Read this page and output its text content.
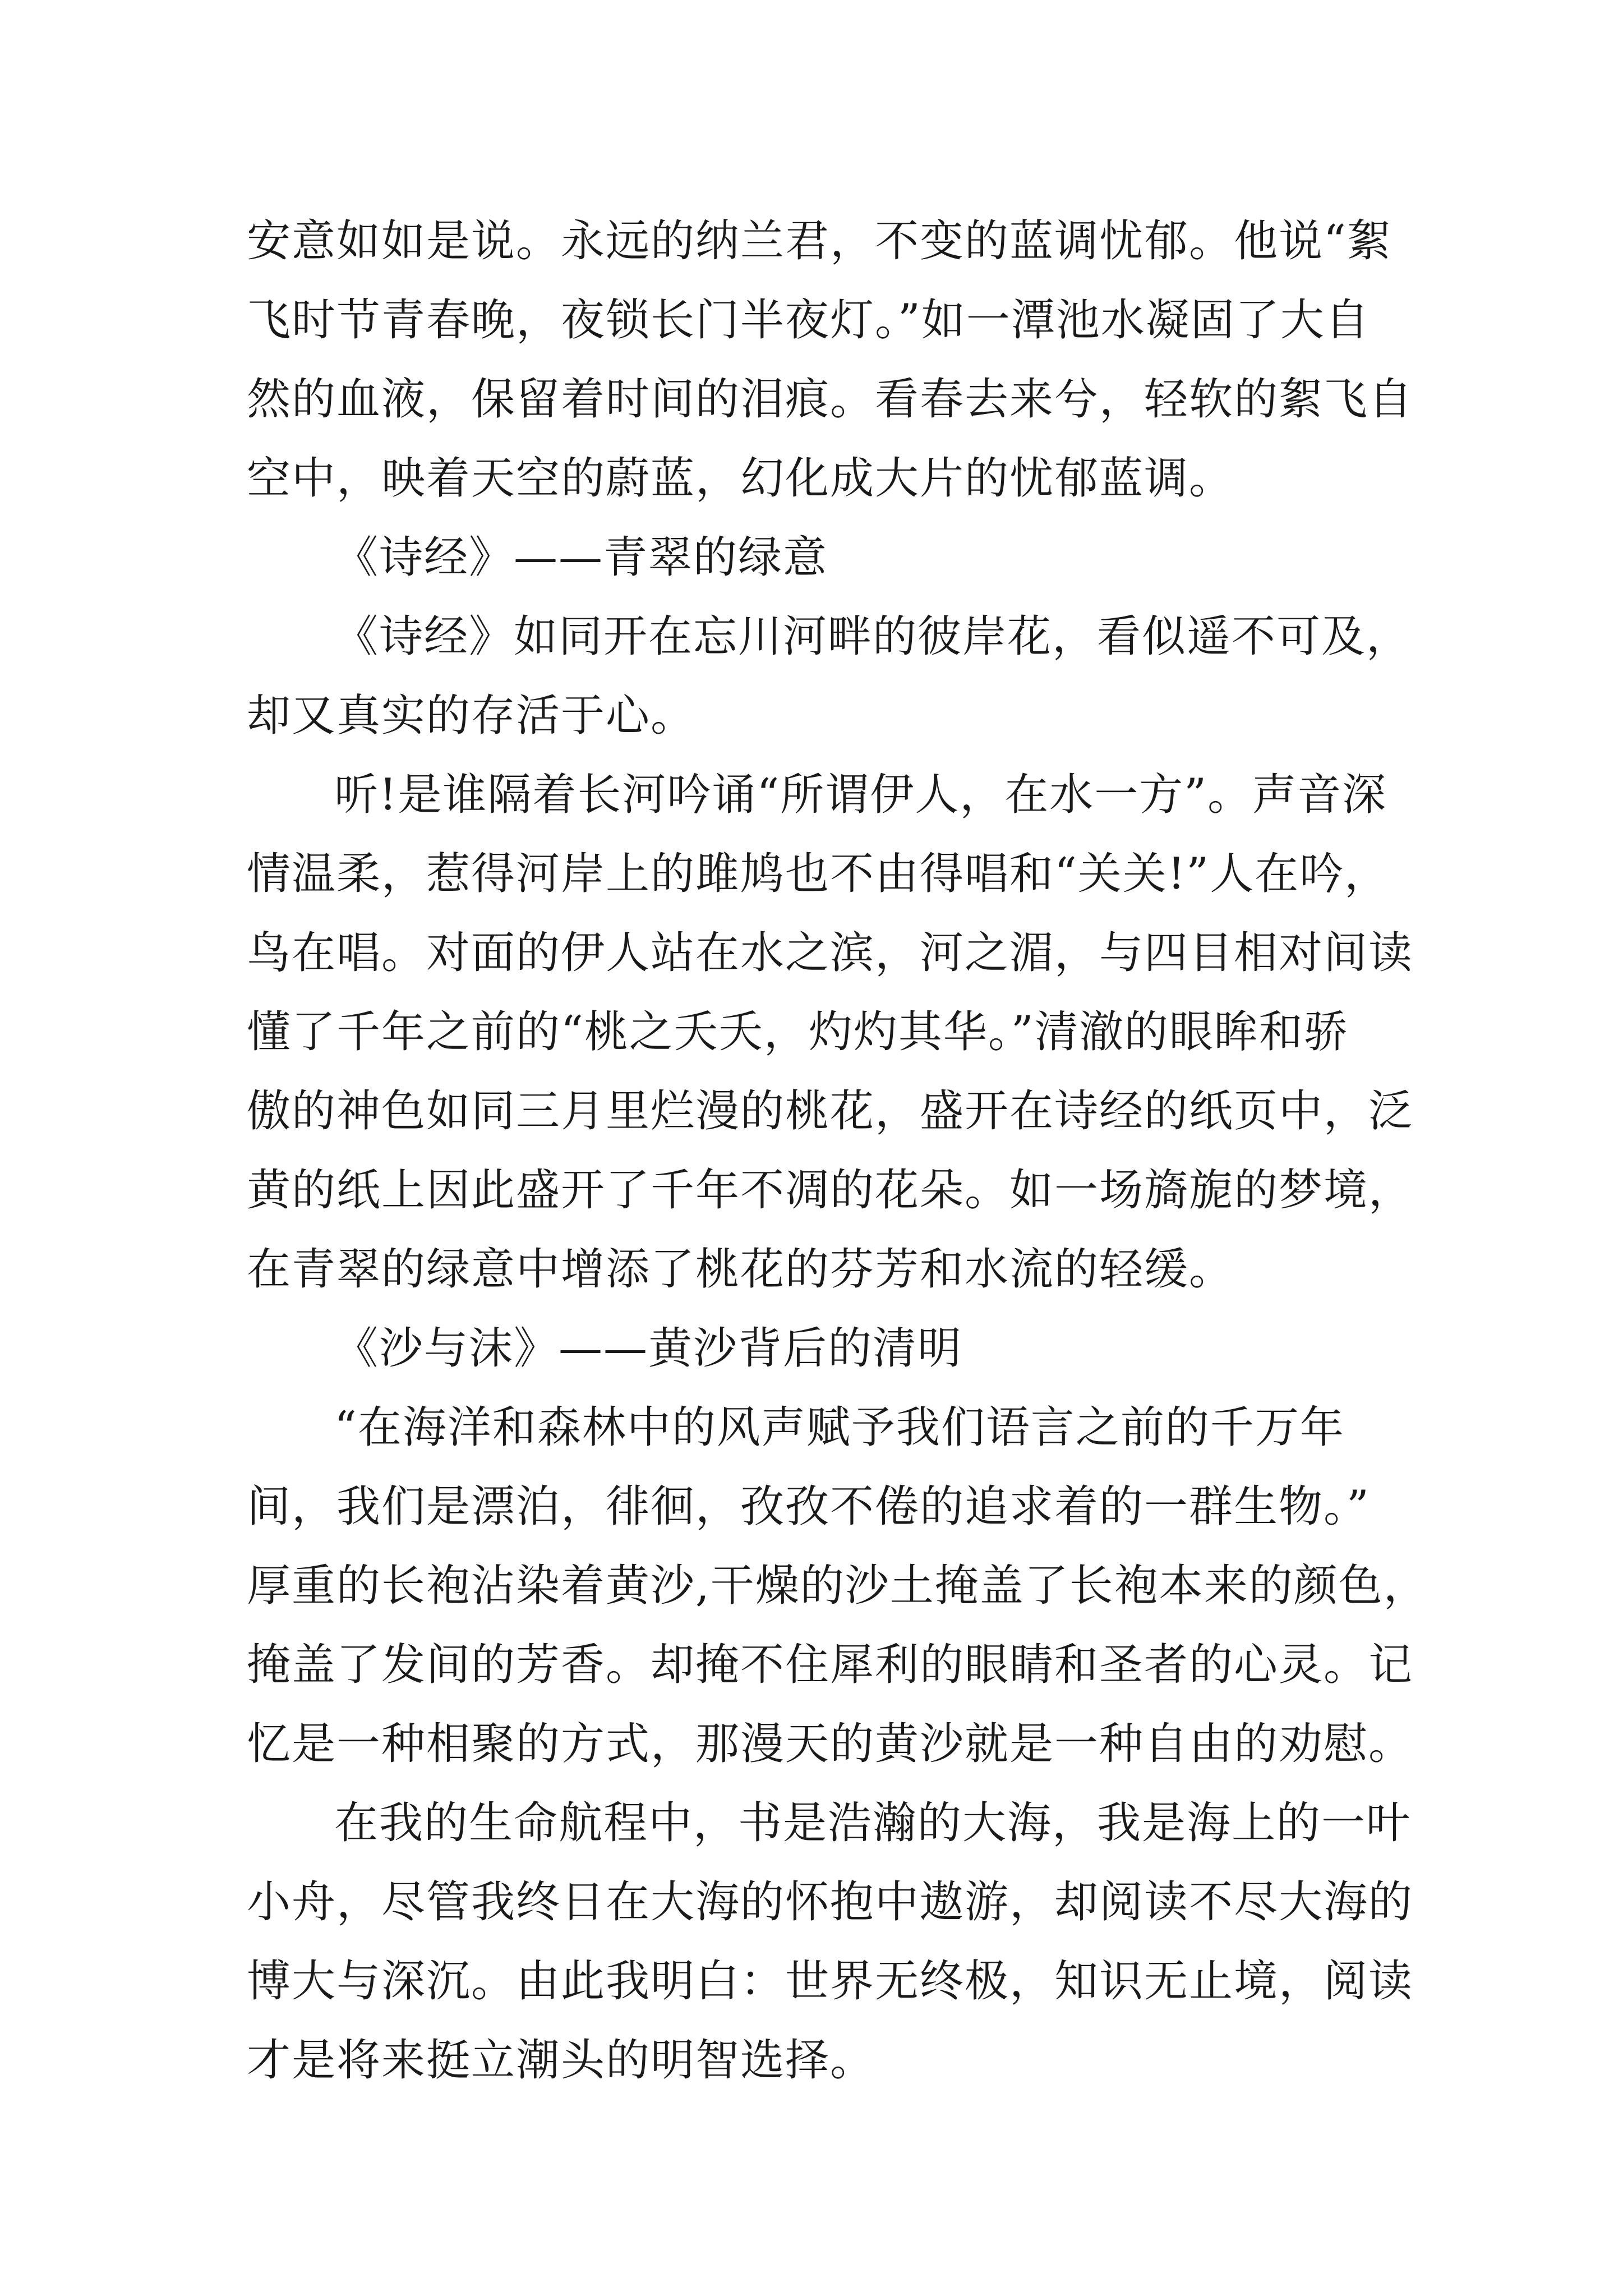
安意如如是说。永远的纳兰君，不变的蓝调忧郁。他说“絮
飞时节青春晚，夜锁长门半夜灯。”如一潭池水凝固了大自
然的血液，保留着时间的泪痕。看春去来兮，轻软的絮飞自
空中，映着天空的蔚蓝，幻化成大片的忧郁蓝调。
《诗经》——青翠的绿意
《诗经》如同开在忘川河畔的彼岸花，看似遥不可及，
却又真实的存活于心。
听!是谁隔着长河吟诵“所谓伊人，在水一方”。声音深
情温柔，惹得河岸上的雎鸠也不由得唱和“关关!”人在吟，
鸟在唱。对面的伊人站在水之滨，河之湄，与四目相对间读
懂了千年之前的“桃之夭夭，灼灼其华。”清澈的眼眸和骄
傲的神色如同三月里烂漫的桃花，盛开在诗经的纸页中，泛
黄的纸上因此盛开了千年不凋的花朵。如一场旖旎的梦境，
在青翠的绿意中增添了桃花的芬芳和水流的轻缓。
《沙与沫》——黄沙背后的清明
“在海洋和森林中的风声赋予我们语言之前的千万年
间，我们是漂泊，徘徊，孜孜不倦的追求着的一群生物。”
厚重的长袍沾染着黄沙,干燥的沙土掩盖了长袍本来的颜色，
掩盖了发间的芳香。却掩不住犀利的眼睛和圣者的心灵。记
忆是一种相聚的方式，那漫天的黄沙就是一种自由的劝慰。
在我的生命航程中，书是浩瀚的大海，我是海上的一叶
小舟，尽管我终日在大海的怀抱中遨游，却阅读不尽大海的
博大与深沉。由此我明白：世界无终极，知识无止境，阅读
才是将来挺立潮头的明智选择。
